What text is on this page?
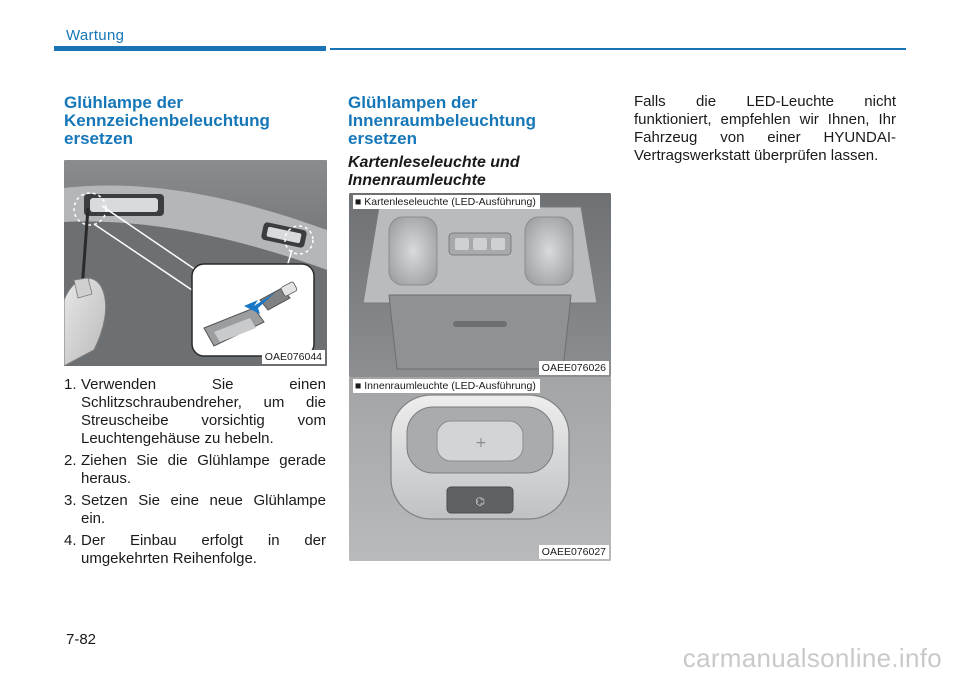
Wartung
Glühlampe der
Kennzeichenbeleuchtung
ersetzen
OAE076044
1. Verwenden Sie einen Schlitzschraubendreher, um die Streuscheibe vorsichtig vom Leuchtengehäuse zu hebeln.
2. Ziehen Sie die Glühlampe gerade heraus.
3. Setzen Sie eine neue Glühlampe ein.
4. Der Einbau erfolgt in der umgekehrten Reihenfolge.
Glühlampen der
Innenraumbeleuchtung
ersetzen
Kartenleseleuchte und
Innenraumleuchte
■ Kartenleseleuchte (LED-Ausführung)
OAEE076026
+
⌬
■ Innenraumleuchte (LED-Ausführung)
OAEE076027

Falls die LED-Leuchte nicht funktioniert, empfehlen wir Ihnen, Ihr Fahrzeug von einer HYUNDAI-Vertragswerkstatt überprüfen lassen.

7-82
carmanualsonline.info
